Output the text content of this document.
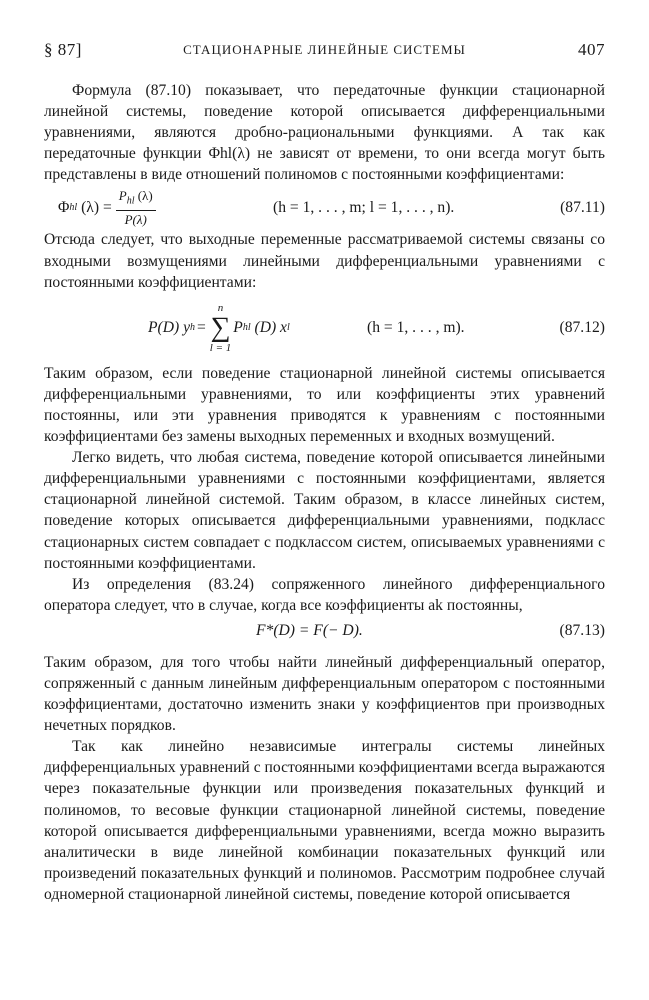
§ 87]	СТАЦИОНАРНЫЕ ЛИНЕЙНЫЕ СИСТЕМЫ	407

Формула (87.10) показывает, что передаточные функции стационарной линейной системы, поведение которой описывается дифференциальными уравнениями, являются дробно-рациональными функциями. А так как передаточные функции Φhl(λ) не зависят от времени, то они всегда могут быть представлены в виде отношений полиномов с постоянными коэффициентами:

Φ hl
$(\lambda) = \frac{P_{hl} (\lambda)}{P(\lambda)}$	(h = 1, . . . , m; l = 1, . . . , n).	(87.11)

Отсюда следует, что выходные переменные рассматриваемой системы связаны со входными возмущениями линейными дифференциальными уравнениями с постоянными коэффициентами:

P(D) y h =
n
∑
l = 1
P hl
(D) x l	(h = 1, . . . , m).	(87.12)

Таким образом, если поведение стационарной линейной системы описывается дифференциальными уравнениями, то или коэффициенты этих уравнений постоянны, или эти уравнения приводятся к уравнениям с постоянными коэффициентами без замены выходных переменных и входных возмущений.

Легко видеть, что любая система, поведение которой описывается линейными дифференциальными уравнениями с постоянными коэффициентами, является стационарной линейной системой. Таким образом, в классе линейных систем, поведение которых описывается дифференциальными уравнениями, подкласс стационарных систем совпадает с подклассом систем, описываемых уравнениями с постоянными коэффициентами.

Из определения (83.24) сопряженного линейного дифференциального оператора следует, что в случае, когда все коэффициенты ak постоянны,

F*(D) = F(− D).	(87.13)

Таким образом, для того чтобы найти линейный дифференциальный оператор, сопряженный с данным линейным дифференциальным оператором с постоянными коэффициентами, достаточно изменить знаки у коэффициентов при производных нечетных порядков.

Так как линейно независимые интегралы системы линейных дифференциальных уравнений с постоянными коэффициентами всегда выражаются через показательные функции или произведения показательных функций и полиномов, то весовые функции стационарной линейной системы, поведение которой описывается дифференциальными уравнениями, всегда можно выразить аналитически в виде линейной комбинации показательных функций или произведений показательных функций и полиномов. Рассмотрим подробнее случай одномерной стационарной линейной системы, поведение которой описывается
